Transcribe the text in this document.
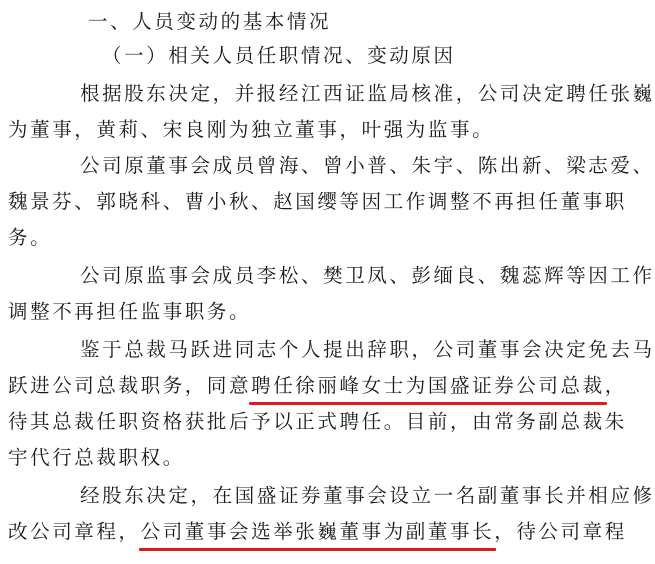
一、人员变动的基本情况
（一）相关人员任职情况、变动原因
根据股东决定，并报经江西证监局核准，公司决定聘任张巍
为董事，黄莉、宋良刚为独立董事，叶强为监事。
公司原董事会成员曾海、曾小普、朱宇、陈出新、梁志爱、
魏景芬、郭晓科、曹小秋、赵国缨等因工作调整不再担任董事职
务。
公司原监事会成员李松、樊卫凤、彭缅良、魏蕊辉等因工作
调整不再担任监事职务。
鉴于总裁马跃进同志个人提出辞职，公司董事会决定免去马
跃进公司总裁职务，同意聘任徐丽峰女士为国盛证券公司总裁，
待其总裁任职资格获批后予以正式聘任。目前，由常务副总裁朱
宇代行总裁职权。
经股东决定，在国盛证券董事会设立一名副董事长并相应修
改公司章程，公司董事会选举张巍董事为副董事长，待公司章程
